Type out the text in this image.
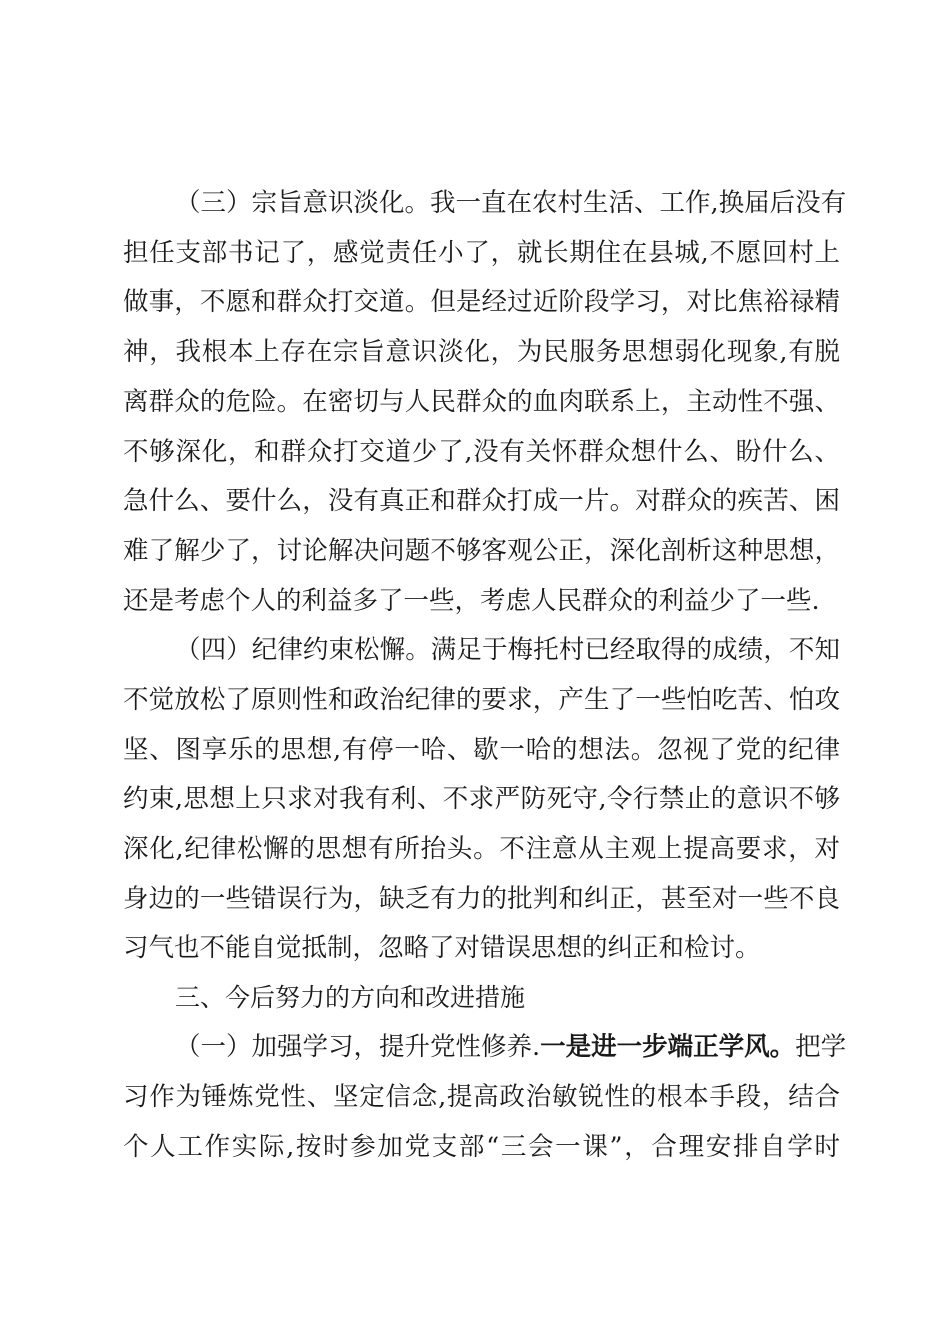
（三）宗旨意识淡化。我一直在农村生活、工作,换届后没有
担任支部书记了，感觉责任小了，就长期住在县城,不愿回村上
做事，不愿和群众打交道。但是经过近阶段学习，对比焦裕禄精
神，我根本上存在宗旨意识淡化，为民服务思想弱化现象,有脱
离群众的危险。在密切与人民群众的血肉联系上，主动性不强、
不够深化，和群众打交道少了,没有关怀群众想什么、盼什么、
急什么、要什么，没有真正和群众打成一片。对群众的疾苦、困
难了解少了，讨论解决问题不够客观公正，深化剖析这种思想，
还是考虑个人的利益多了一些，考虑人民群众的利益少了一些.
（四）纪律约束松懈。满足于梅托村已经取得的成绩，不知
不觉放松了原则性和政治纪律的要求，产生了一些怕吃苦、怕攻
坚、图享乐的思想,有停一哈、歇一哈的想法。忽视了党的纪律
约束,思想上只求对我有利、不求严防死守,令行禁止的意识不够
深化,纪律松懈的思想有所抬头。不注意从主观上提高要求，对
身边的一些错误行为，缺乏有力的批判和纠正，甚至对一些不良
习气也不能自觉抵制，忽略了对错误思想的纠正和检讨。
三、今后努力的方向和改进措施
（一）加强学习，提升党性修养.一是进一步端正学风。把学
习作为锤炼党性、坚定信念,提高政治敏锐性的根本手段，结合
个人工作实际,按时参加党支部“三会一课”，合理安排自学时
